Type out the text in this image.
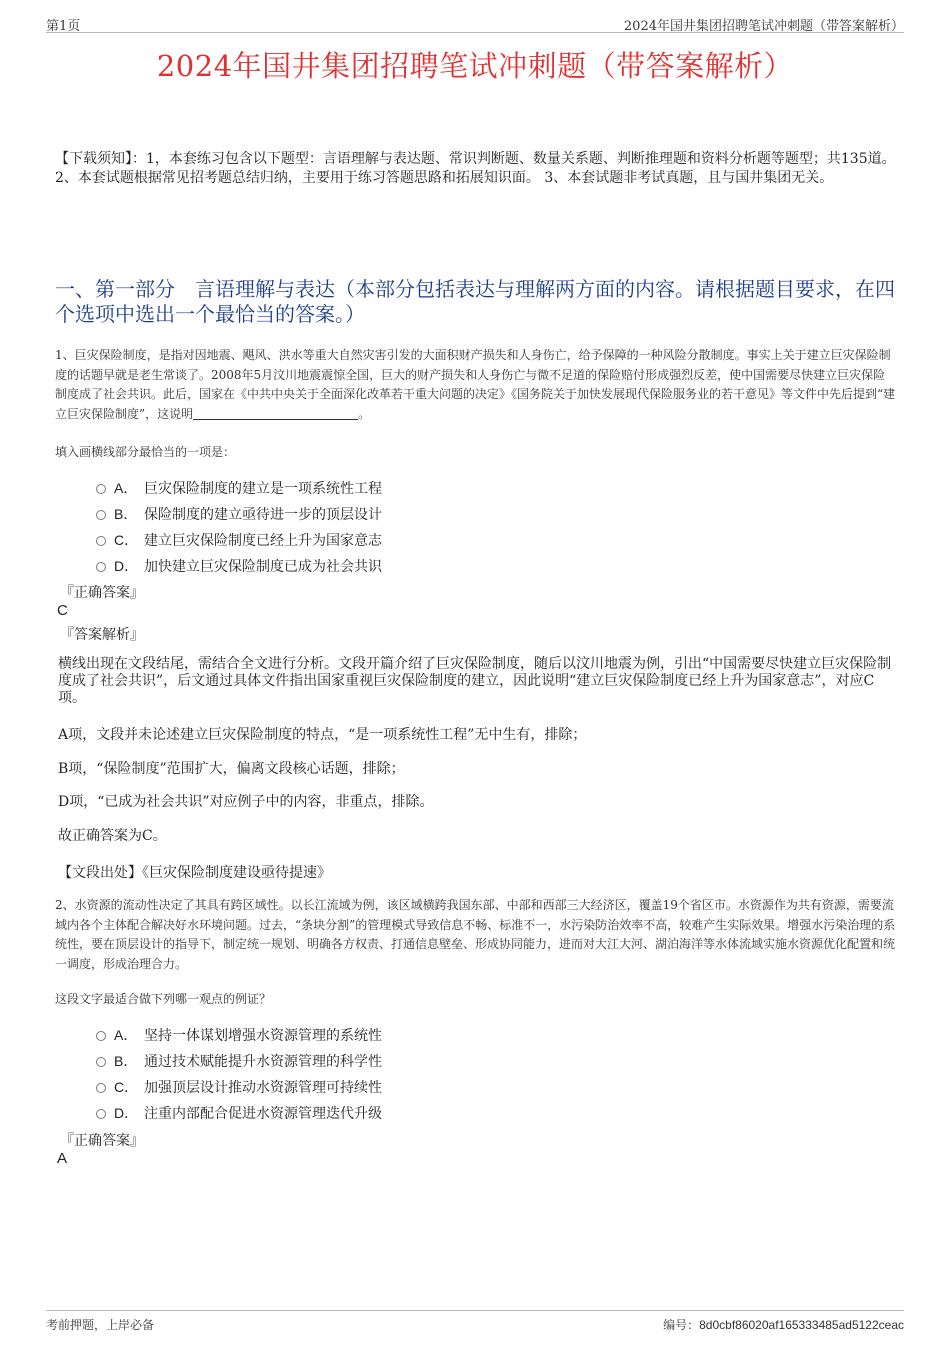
第1页	2024年国井集团招聘笔试冲刺题（带答案解析）
2024年国井集团招聘笔试冲刺题（带答案解析）
【下载须知】：1，本套练习包含以下题型：言语理解与表达题、常识判断题、数量关系题、判断推理题和资料分析题等题型；共135道。 2、本套试题根据常见招考题总结归纳，主要用于练习答题思路和拓展知识面。 3、本套试题非考试真题，且与国井集团无关。
一、第一部分　言语理解与表达（本部分包括表达与理解两方面的内容。请根据题目要求，在四个选项中选出一个最恰当的答案。）
1、巨灾保险制度，是指对因地震、飓风、洪水等重大自然灾害引发的大面积财产损失和人身伤亡，给予保障的一种风险分散制度。事实上关于建立巨灾保险制度的话题早就是老生常谈了。2008年5月汶川地震震惊全国，巨大的财产损失和人身伤亡与微不足道的保险赔付形成强烈反差，使中国需要尽快建立巨灾保险制度成了社会共识。此后，国家在《中共中央关于全面深化改革若干重大问题的决定》《国务院关于加快发展现代保险服务业的若干意见》等文件中先后提到“建立巨灾保险制度”，这说明	。
填入画横线部分最恰当的一项是：
A． 巨灾保险制度的建立是一项系统性工程
B． 保险制度的建立亟待进一步的顶层设计
C． 建立巨灾保险制度已经上升为国家意志
D． 加快建立巨灾保险制度已成为社会共识
『正确答案』
C
『答案解析』
横线出现在文段结尾，需结合全文进行分析。文段开篇介绍了巨灾保险制度，随后以汶川地震为例，引出“中国需要尽快建立巨灾保险制度成了社会共识”，后文通过具体文件指出国家重视巨灾保险制度的建立，因此说明“建立巨灾保险制度已经上升为国家意志”，对应C项。
A项，文段并未论述建立巨灾保险制度的特点，“是一项系统性工程”无中生有，排除；
B项，“保险制度”范围扩大，偏离文段核心话题，排除；
D项，“已成为社会共识”对应例子中的内容，非重点，排除。
故正确答案为C。
【文段出处】《巨灾保险制度建设亟待提速》
2、水资源的流动性决定了其具有跨区域性。以长江流域为例，该区域横跨我国东部、中部和西部三大经济区，覆盖19个省区市。水资源作为共有资源，需要流域内各个主体配合解决好水环境问题。过去，“条块分割”的管理模式导致信息不畅、标准不一，水污染防治效率不高，较难产生实际效果。增强水污染治理的系统性，要在顶层设计的指导下，制定统一规划、明确各方权责、打通信息壁垒、形成协同能力，进而对大江大河、湖泊海洋等水体流域实施水资源优化配置和统一调度，形成治理合力。
这段文字最适合做下列哪一观点的例证？
A． 坚持一体谋划增强水资源管理的系统性
B． 通过技术赋能提升水资源管理的科学性
C． 加强顶层设计推动水资源管理可持续性
D． 注重内部配合促进水资源管理迭代升级
『正确答案』
A
考前押题，上岸必备	编号：8d0cbf86020af165333485ad5122ceac
